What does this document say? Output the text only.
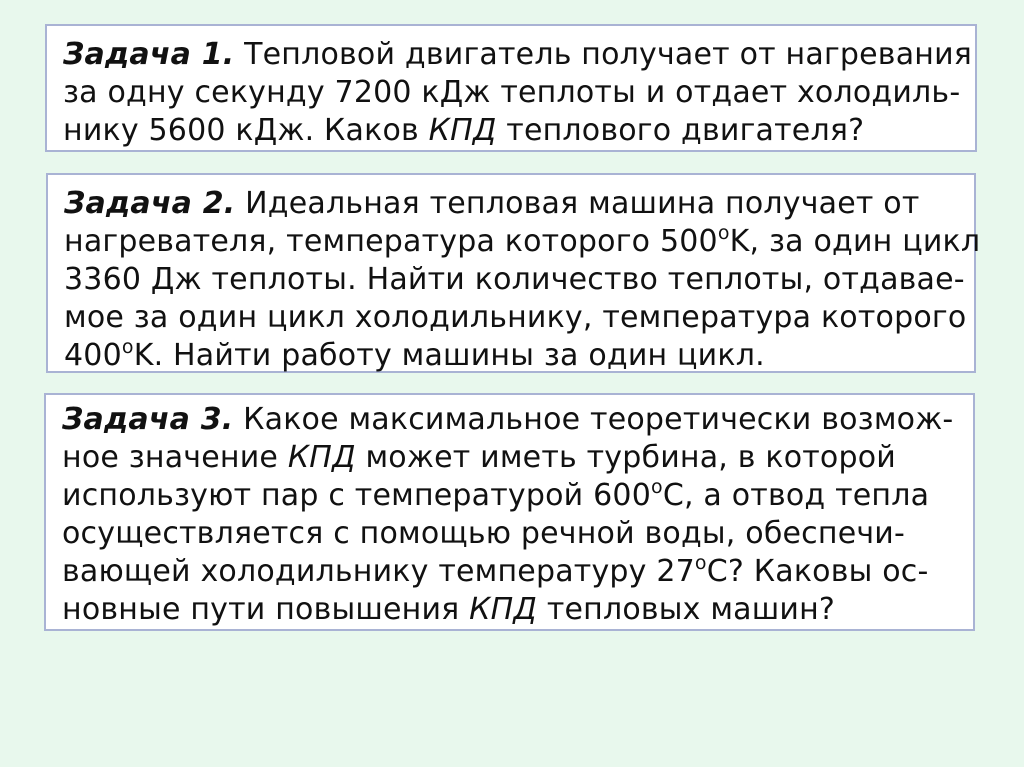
Задача 1. Тепловой двигатель получает от нагревания
за одну секунду 7200 кДж теплоты и отдает холодиль-
нику 5600 кДж. Каков КПД теплового двигателя?
Задача 2. Идеальная тепловая машина получает от
нагревателя, температура которого 500$^o$K, за один цикл
3360 Дж теплоты. Найти количество теплоты, отдавае-
мое за один цикл холодильнику, температура которого
400$^o$K. Найти работу машины за один цикл.
Задача 3. Какое максимальное теоретически возмож-
ное значение КПД может иметь турбина, в которой
используют пар с температурой 600$^o$C, а отвод тепла
осуществляется с помощью речной воды, обеспечи-
вающей холодильнику температуру 27$^o$C? Каковы ос-
новные пути повышения КПД тепловых машин?
